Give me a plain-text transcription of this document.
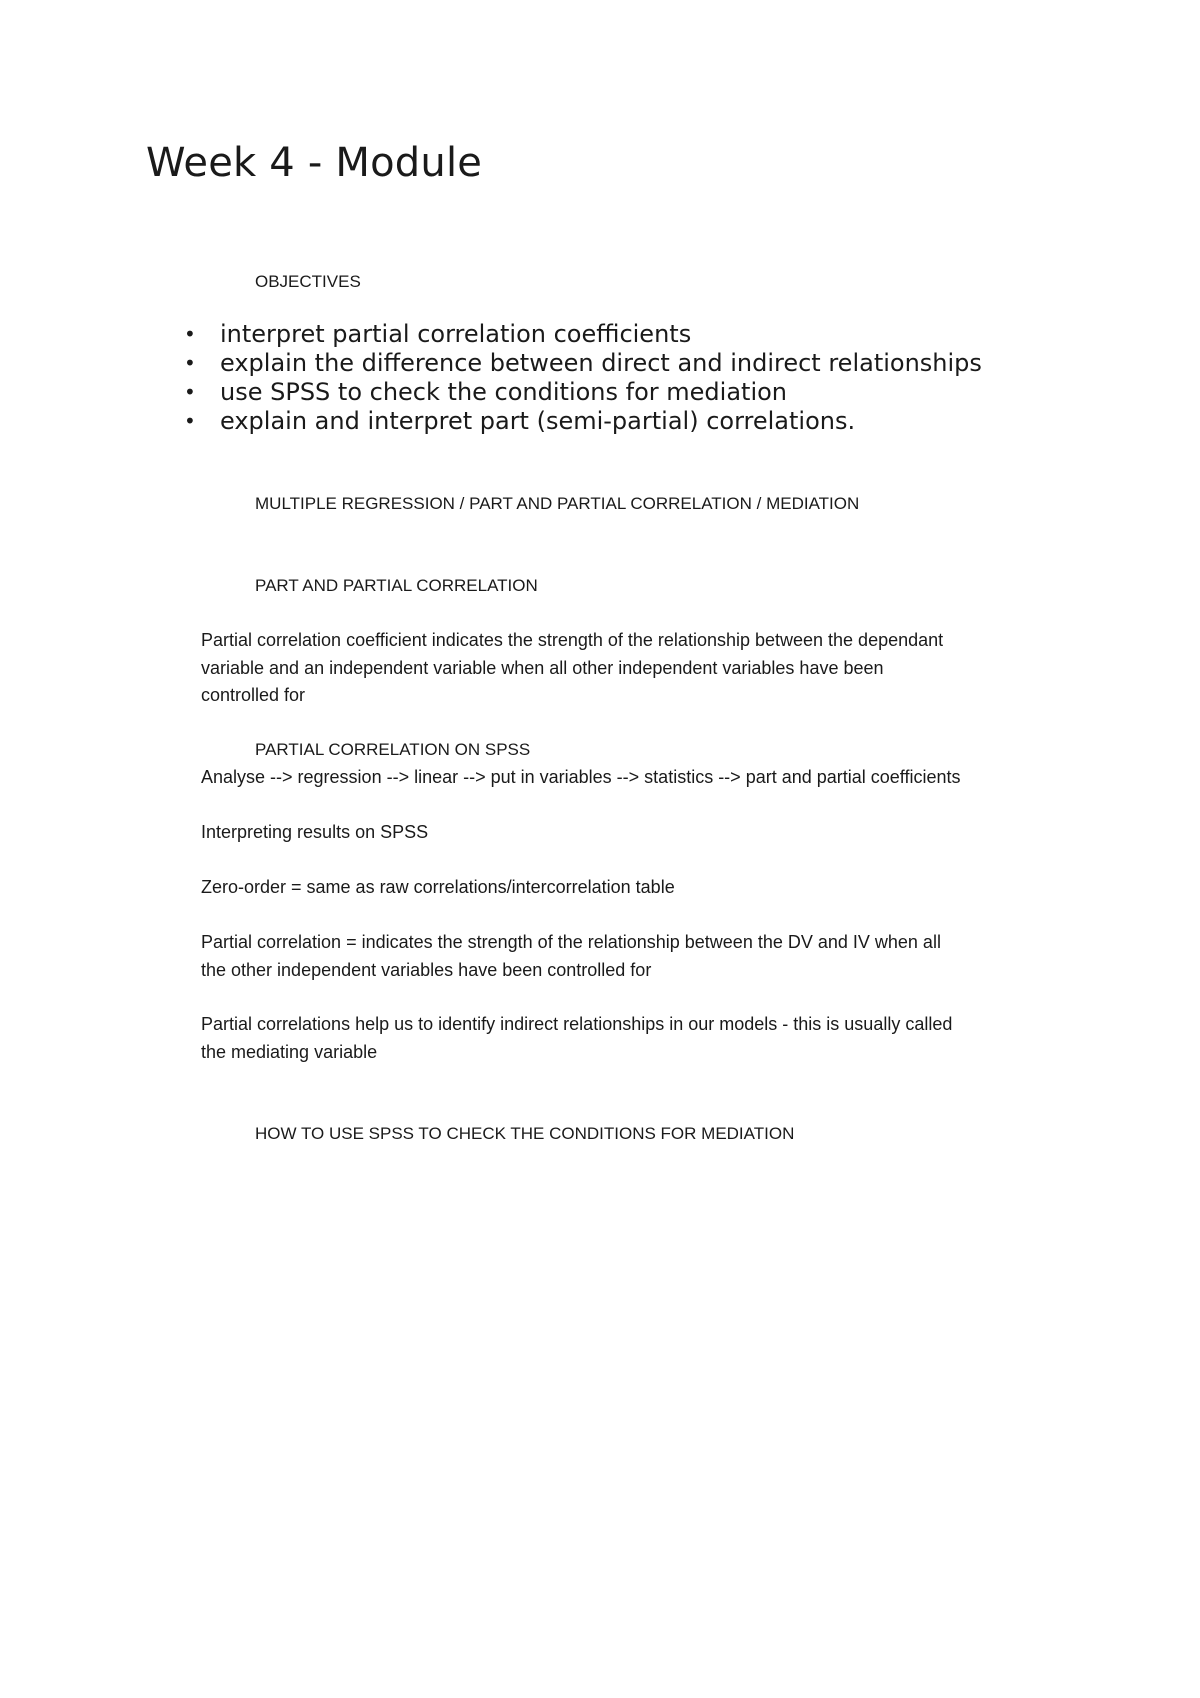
Week 4 - Module

OBJECTIVES

• interpret partial correlation coefficients
• explain the difference between direct and indirect relationships
• use SPSS to check the conditions for mediation
• explain and interpret part (semi-partial) correlations.

MULTIPLE REGRESSION / PART AND PARTIAL CORRELATION / MEDIATION

PART AND PARTIAL CORRELATION

Partial correlation coefficient indicates the strength of the relationship between the dependant
variable and an independent variable when all other independent variables have been
controlled for

PARTIAL CORRELATION ON SPSS

Analyse --> regression --> linear --> put in variables --> statistics --> part and partial coefficients

Interpreting results on SPSS

Zero-order = same as raw correlations/intercorrelation table

Partial correlation = indicates the strength of the relationship between the DV and IV when all
the other independent variables have been controlled for

Partial correlations help us to identify indirect relationships in our models - this is usually called
the mediating variable

HOW TO USE SPSS TO CHECK THE CONDITIONS FOR MEDIATION
